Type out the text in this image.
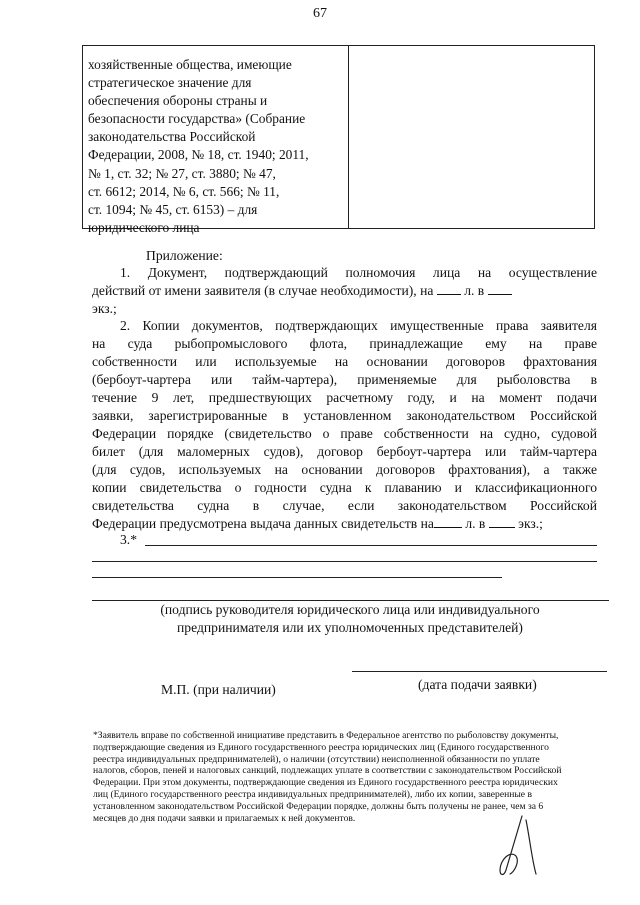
67
хозяйственные общества, имеющие
стратегическое значение для
обеспечения обороны страны и
безопасности государства» (Собрание
законодательства Российской
Федерации, 2008, № 18, ст. 1940; 2011,
№ 1, ст. 32; № 27, ст. 3880; № 47,
ст. 6612; 2014, № 6, ст. 566; № 11,
ст. 1094; № 45, ст. 6153) – для
юридического лица
Приложение:
1. Документ, подтверждающий полномочия лица на осуществление
действий от имени заявителя (в случае необходимости), на л. в
экз.;
2. Копии документов, подтверждающих имущественные права заявителя
на суда рыбопромыслового флота, принадлежащие ему на праве
собственности или используемые на основании договоров фрахтования
(бербоут-чартера или тайм-чартера), применяемые для рыболовства в
течение 9 лет, предшествующих расчетному году, и на момент подачи
заявки, зарегистрированные в установленном законодательством Российской
Федерации порядке (свидетельство о праве собственности на судно, судовой
билет (для маломерных судов), договор бербоут-чартера или тайм-чартера
(для судов, используемых на основании договоров фрахтования), а также
копии свидетельства о годности судна к плаванию и классификационного
свидетельства судна в случае, если законодательством Российской
Федерации предусмотрена выдача данных свидетельств на л. в экз.;
3.*
(подпись руководителя юридического лица или индивидуального
предпринимателя или их уполномоченных представителей)
М.П. (при наличии)	(дата подачи заявки)
*Заявитель вправе по собственной инициативе представить в Федеральное агентство по рыболовству документы,
подтверждающие сведения из Единого государственного реестра юридических лиц (Единого государственного
реестра индивидуальных предпринимателей), о наличии (отсутствии) неисполненной обязанности по уплате
налогов, сборов, пеней и налоговых санкций, подлежащих уплате в соответствии с законодательством Российской
Федерации. При этом документы, подтверждающие сведения из Единого государственного реестра юридических
лиц (Единого государственного реестра индивидуальных предпринимателей), либо их копии, заверенные в
установленном законодательством Российской Федерации порядке, должны быть получены не ранее, чем за 6
месяцев до дня подачи заявки и прилагаемых к ней документов.
